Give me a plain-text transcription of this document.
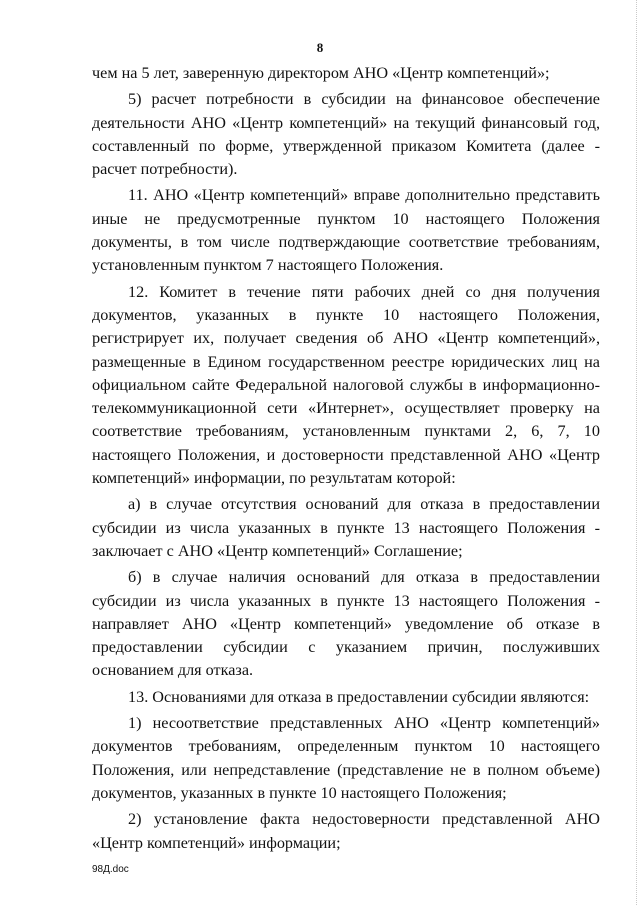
8

чем на 5 лет, заверенную директором АНО «Центр компетенций»;

5) расчет потребности в субсидии на финансовое обеспечение деятельности АНО «Центр компетенций» на текущий финансовый год, составленный по форме, утвержденной приказом Комитета (далее - расчет потребности).

11. АНО «Центр компетенций» вправе дополнительно представить иные не предусмотренные пунктом 10 настоящего Положения документы, в том числе подтверждающие соответствие требованиям, установленным пунктом 7 настоящего Положения.

12. Комитет в течение пяти рабочих дней со дня получения документов, указанных в пункте 10 настоящего Положения, регистрирует их, получает сведения об АНО «Центр компетенций», размещенные в Едином государственном реестре юридических лиц на официальном сайте Федеральной налоговой службы в информационно-телекоммуникационной сети «Интернет», осуществляет проверку на соответствие требованиям, установленным пунктами 2, 6, 7, 10 настоящего Положения, и достоверности представленной АНО «Центр компетенций» информации, по результатам которой:

а) в случае отсутствия оснований для отказа в предоставлении субсидии из числа указанных в пункте 13 настоящего Положения - заключает с АНО «Центр компетенций» Соглашение;

б) в случае наличия оснований для отказа в предоставлении субсидии из числа указанных в пункте 13 настоящего Положения - направляет АНО «Центр компетенций» уведомление об отказе в предоставлении субсидии с указанием причин, послуживших основанием для отказа.

13. Основаниями для отказа в предоставлении субсидии являются:

1) несоответствие представленных АНО «Центр компетенций» документов требованиям, определенным пунктом 10 настоящего Положения, или непредставление (представление не в полном объеме) документов, указанных в пункте 10 настоящего Положения;

2) установление факта недостоверности представленной АНО «Центр компетенций» информации;

98Д.doc
